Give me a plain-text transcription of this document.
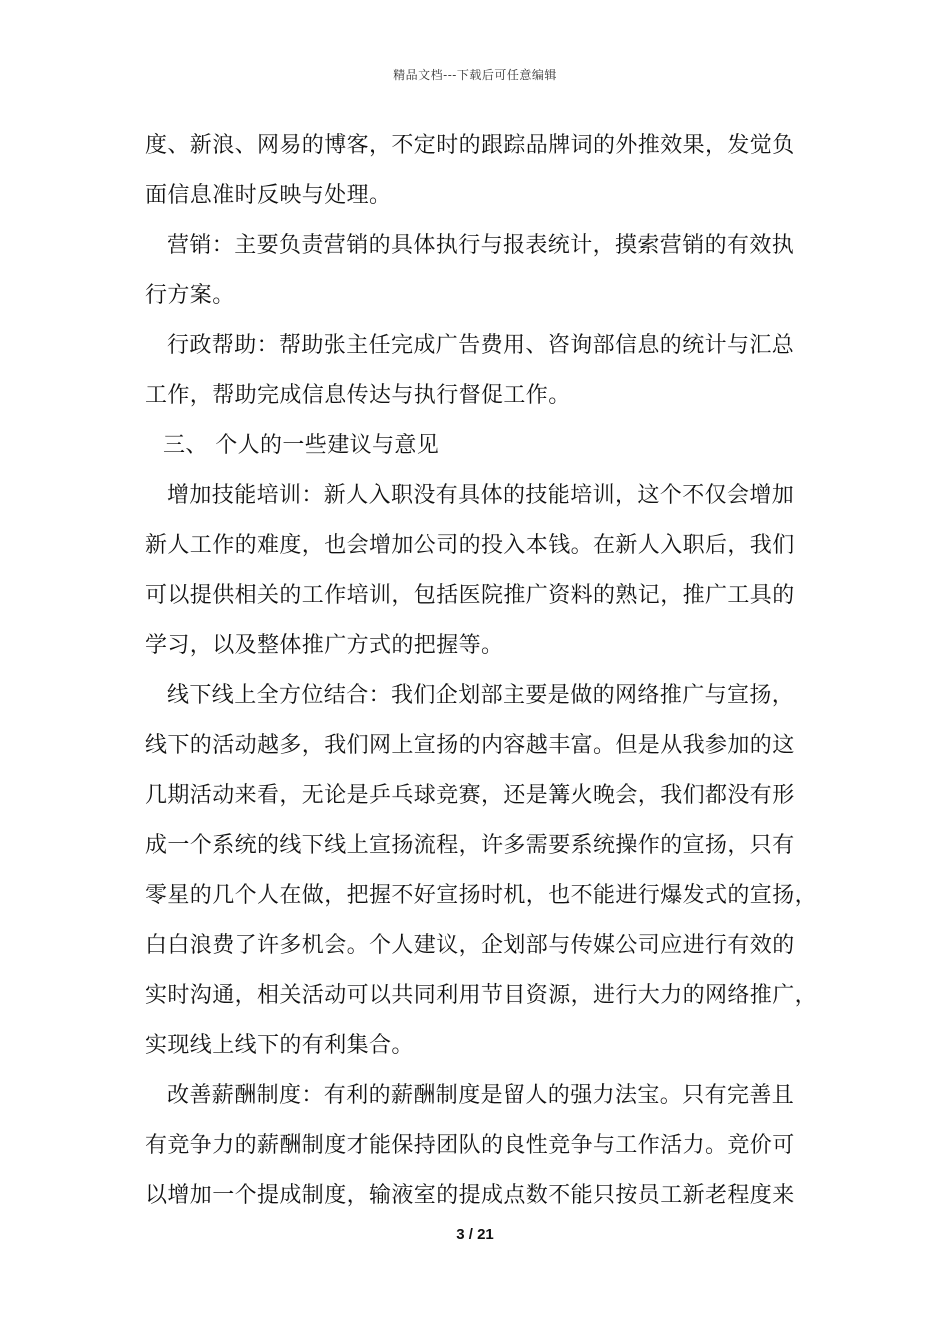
精品文档---下载后可任意编辑
度、新浪、网易的博客，不定时的跟踪品牌词的外推效果，发觉负
面信息准时反映与处理。
营销：主要负责营销的具体执行与报表统计，摸索营销的有效执
行方案。
行政帮助：帮助张主任完成广告费用、咨询部信息的统计与汇总
工作，帮助完成信息传达与执行督促工作。
三、 个人的一些建议与意见
增加技能培训：新人入职没有具体的技能培训，这个不仅会增加
新人工作的难度，也会增加公司的投入本钱。在新人入职后，我们
可以提供相关的工作培训，包括医院推广资料的熟记，推广工具的
学习，以及整体推广方式的把握等。
线下线上全方位结合：我们企划部主要是做的网络推广与宣扬，
线下的活动越多，我们网上宣扬的内容越丰富。但是从我参加的这
几期活动来看，无论是乒乓球竞赛，还是篝火晚会，我们都没有形
成一个系统的线下线上宣扬流程，许多需要系统操作的宣扬，只有
零星的几个人在做，把握不好宣扬时机，也不能进行爆发式的宣扬，
白白浪费了许多机会。个人建议，企划部与传媒公司应进行有效的
实时沟通，相关活动可以共同利用节目资源，进行大力的网络推广，
实现线上线下的有利集合。
改善薪酬制度：有利的薪酬制度是留人的强力法宝。只有完善且
有竞争力的薪酬制度才能保持团队的良性竞争与工作活力。竞价可
以增加一个提成制度，输液室的提成点数不能只按员工新老程度来
3 / 21
